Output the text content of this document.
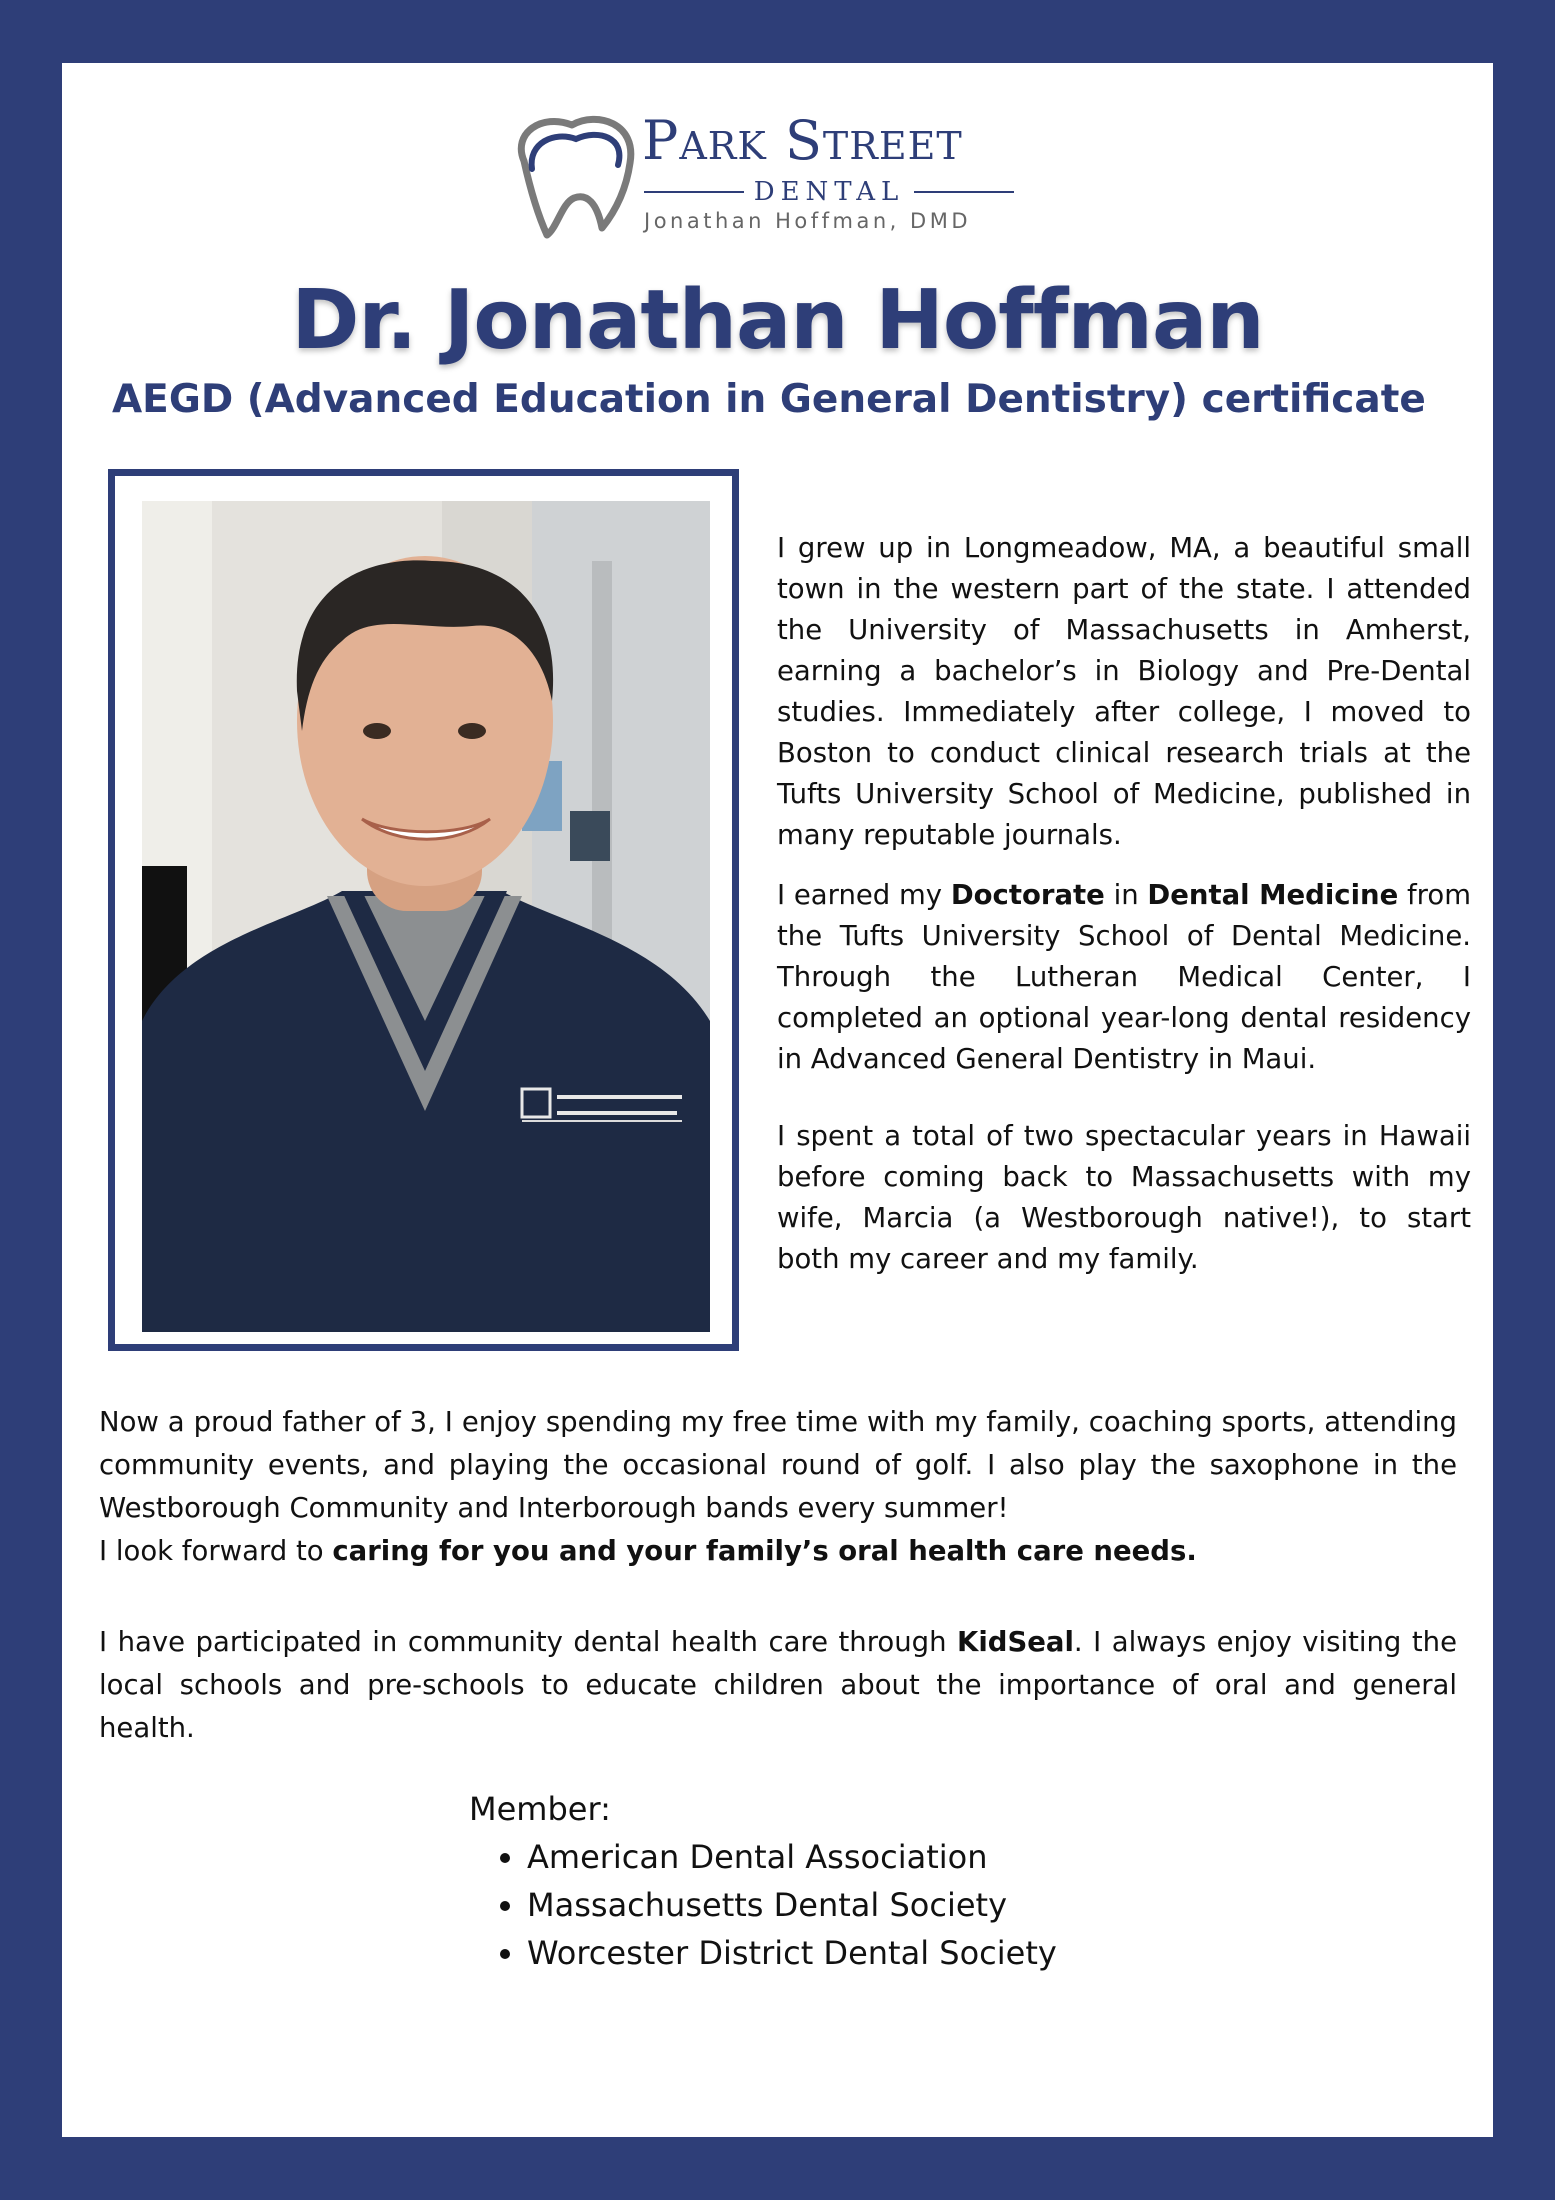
Park Street
DENTAL
Jonathan Hoffman, DMD
Dr. Jonathan Hoffman
AEGD (Advanced Education in General Dentistry) certificate

I grew up in Longmeadow, MA, a beautiful small town in the western part of the state. I attended the University of Massachusetts in Amherst, earning a bachelor’s in Biology and Pre-Dental studies. Immediately after college, I moved to Boston to conduct clinical research trials at the Tufts University School of Medicine, published in many reputable journals.

I earned my Doctorate in Dental Medicine from the Tufts University School of Dental Medicine. Through the Lutheran Medical Center, I completed an optional year-long dental residency in Advanced General Dentistry in Maui.

I spent a total of two spectacular years in Hawaii before coming back to Massachusetts with my wife, Marcia (a Westborough native!), to start both my career and my family.

Now a proud father of 3, I enjoy spending my free time with my family, coaching sports, attending community events, and playing the occasional round of golf. I also play the saxophone in the Westborough Community and Interborough bands every summer!

I look forward to caring for you and your family’s oral health care needs.

I have participated in community dental health care through KidSeal. I always enjoy visiting the local schools and pre-schools to educate children about the importance of oral and general health.

Member:
• American Dental Association
• Massachusetts Dental Society
• Worcester District Dental Society
